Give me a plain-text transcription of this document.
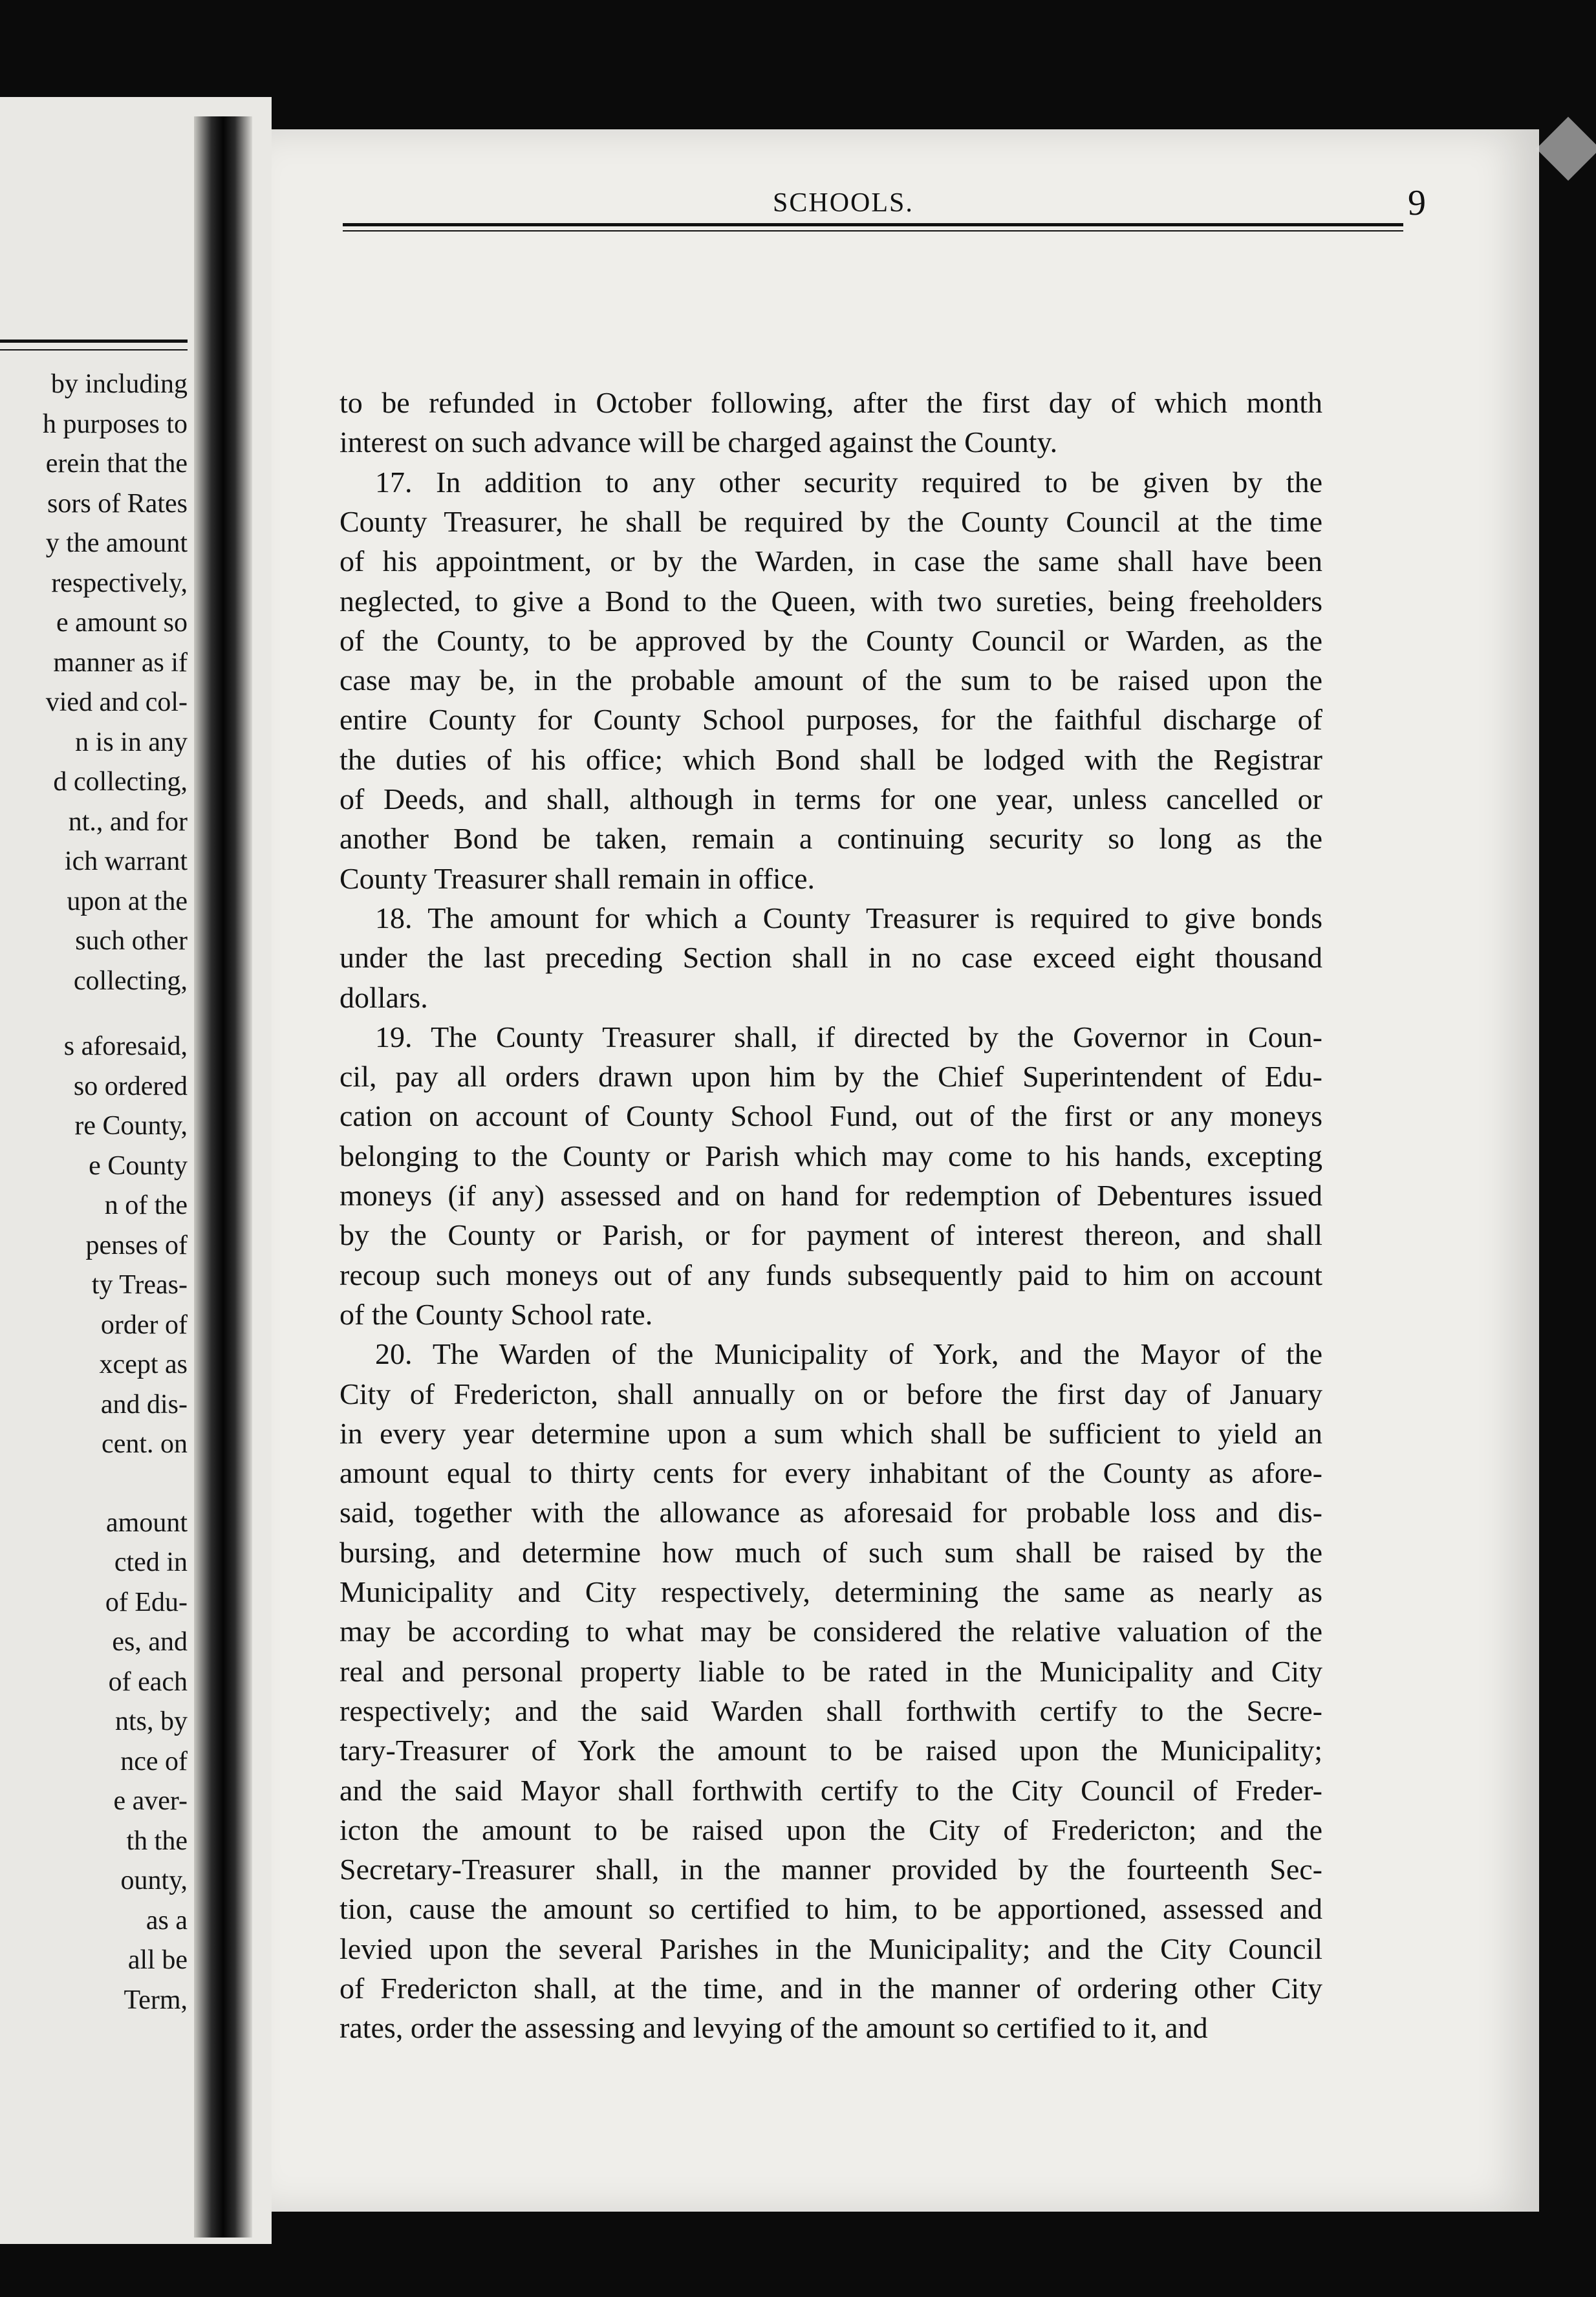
by including
h purposes to
erein that the
sors of Rates
y the amount
respectively,
e amount so
manner as if
vied and col-
n is in any
d collecting,
nt., and for
ich warrant
upon at the
such other
collecting,
s aforesaid,
so ordered
re County,
e County
n of the
penses of
ty Treas-
order of
xcept as
and dis-
cent. on
amount
cted in
of Edu-
es, and
of each
nts, by
nce of
e aver-
th the
ounty,
as a
all be
Term,
SCHOOLS.	9
to be refunded in October following, after the first day of which month
interest on such advance will be charged against the County.
17. In addition to any other security required to be given by the
County Treasurer, he shall be required by the County Council at the time
of his appointment, or by the Warden, in case the same shall have been
neglected, to give a Bond to the Queen, with two sureties, being freeholders
of the County, to be approved by the County Council or Warden, as the
case may be, in the probable amount of the sum to be raised upon the
entire County for County School purposes, for the faithful discharge of
the duties of his office; which Bond shall be lodged with the Registrar
of Deeds, and shall, although in terms for one year, unless cancelled or
another Bond be taken, remain a continuing security so long as the
County Treasurer shall remain in office.
18. The amount for which a County Treasurer is required to give bonds
under the last preceding Section shall in no case exceed eight thousand
dollars.
19. The County Treasurer shall, if directed by the Governor in Coun-
cil, pay all orders drawn upon him by the Chief Superintendent of Edu-
cation on account of County School Fund, out of the first or any moneys
belonging to the County or Parish which may come to his hands, excepting
moneys (if any) assessed and on hand for redemption of Debentures issued
by the County or Parish, or for payment of interest thereon, and shall
recoup such moneys out of any funds subsequently paid to him on account
of the County School rate.
20. The Warden of the Municipality of York, and the Mayor of the
City of Fredericton, shall annually on or before the first day of January
in every year determine upon a sum which shall be sufficient to yield an
amount equal to thirty cents for every inhabitant of the County as afore-
said, together with the allowance as aforesaid for probable loss and dis-
bursing, and determine how much of such sum shall be raised by the
Municipality and City respectively, determining the same as nearly as
may be according to what may be considered the relative valuation of the
real and personal property liable to be rated in the Municipality and City
respectively; and the said Warden shall forthwith certify to the Secre-
tary-Treasurer of York the amount to be raised upon the Municipality;
and the said Mayor shall forthwith certify to the City Council of Freder-
icton the amount to be raised upon the City of Fredericton; and the
Secretary-Treasurer shall, in the manner provided by the fourteenth Sec-
tion, cause the amount so certified to him, to be apportioned, assessed and
levied upon the several Parishes in the Municipality; and the City Council
of Fredericton shall, at the time, and in the manner of ordering other City
rates, order the assessing and levying of the amount so certified to it, and
